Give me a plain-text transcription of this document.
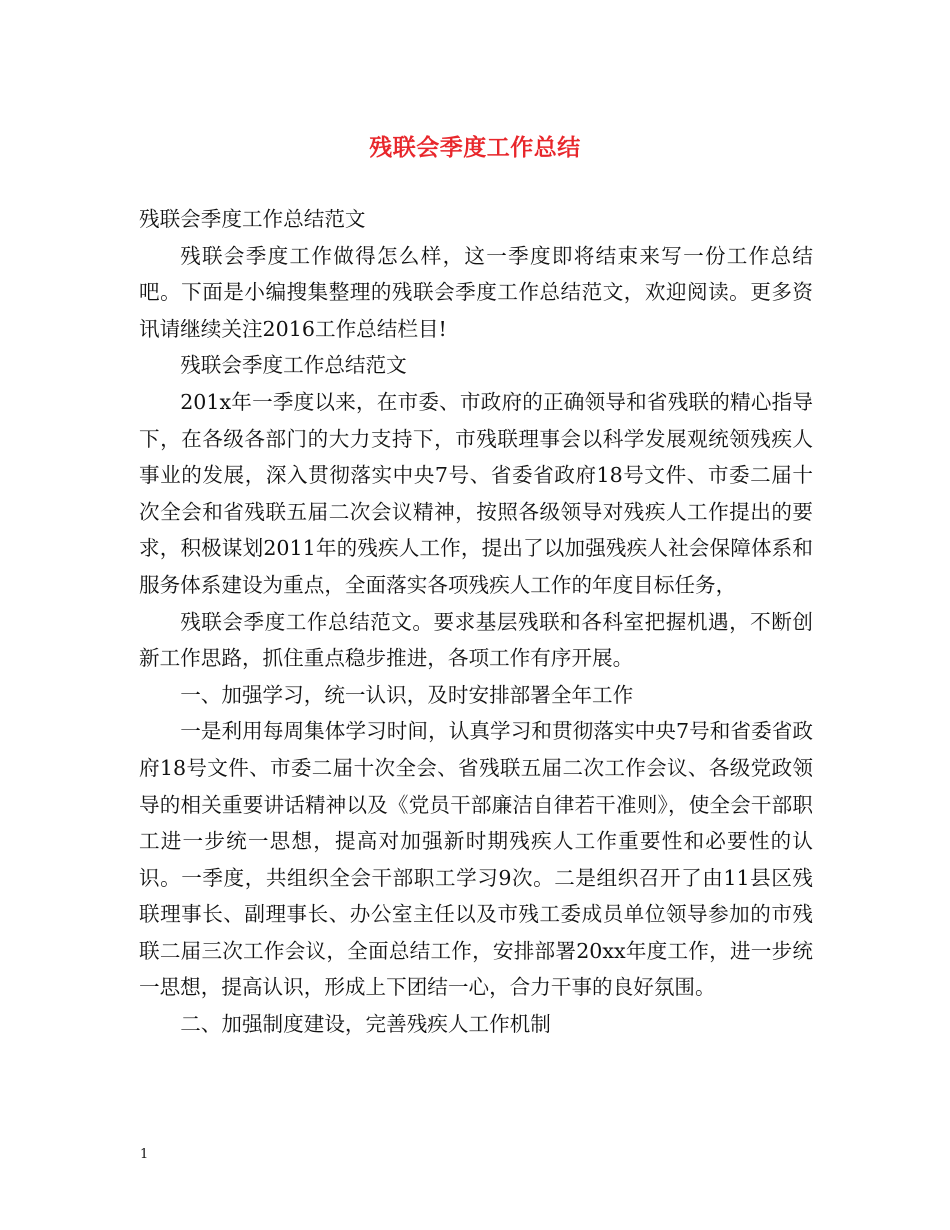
残联会季度工作总结

残联会季度工作总结范文

残联会季度工作做得怎么样，这一季度即将结束来写一份工作总结吧。下面是小编搜集整理的残联会季度工作总结范文，欢迎阅读。更多资讯请继续关注2016工作总结栏目!

残联会季度工作总结范文

201x年一季度以来，在市委、市政府的正确领导和省残联的精心指导下，在各级各部门的大力支持下，市残联理事会以科学发展观统领残疾人事业的发展，深入贯彻落实中央7号、省委省政府18号文件、市委二届十次全会和省残联五届二次会议精神，按照各级领导对残疾人工作提出的要求，积极谋划2011年的残疾人工作，提出了以加强残疾人社会保障体系和服务体系建设为重点，全面落实各项残疾人工作的年度目标任务，

残联会季度工作总结范文。要求基层残联和各科室把握机遇，不断创新工作思路，抓住重点稳步推进，各项工作有序开展。

一、加强学习，统一认识，及时安排部署全年工作

一是利用每周集体学习时间，认真学习和贯彻落实中央7号和省委省政府18号文件、市委二届十次全会、省残联五届二次工作会议、各级党政领导的相关重要讲话精神以及《党员干部廉洁自律若干准则》，使全会干部职工进一步统一思想，提高对加强新时期残疾人工作重要性和必要性的认识。一季度，共组织全会干部职工学习9次。二是组织召开了由11县区残联理事长、副理事长、办公室主任以及市残工委成员单位领导参加的市残联二届三次工作会议，全面总结工作，安排部署20xx年度工作，进一步统一思想，提高认识，形成上下团结一心，合力干事的良好氛围。

二、加强制度建设，完善残疾人工作机制

1
